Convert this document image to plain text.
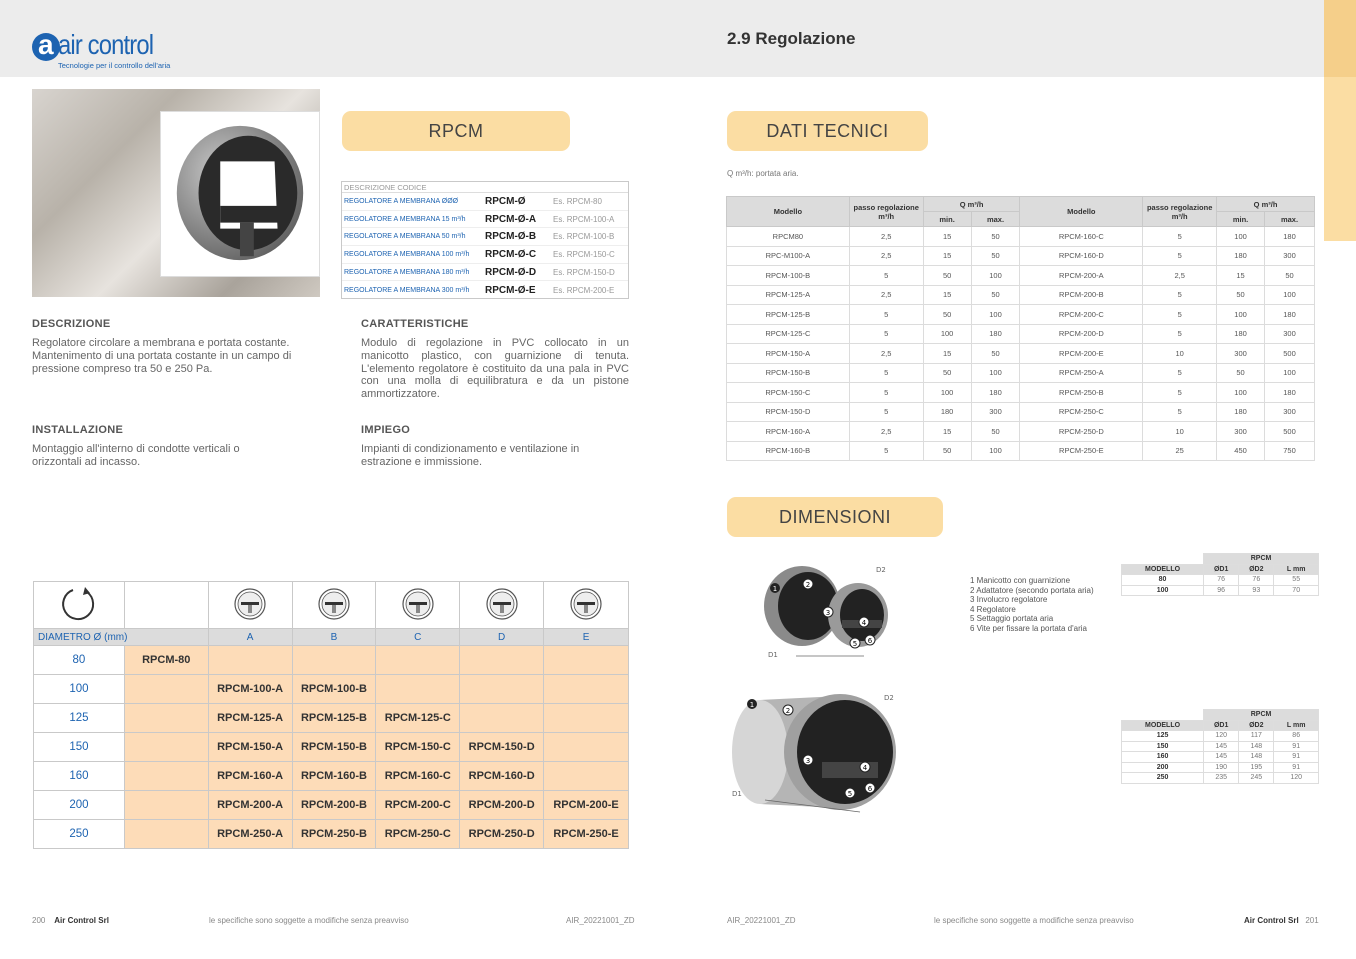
a air control
Tecnologie per il controllo dell'aria
2.9 Regolazione
RPCM
DESCRIZIONE CODICE
REGOLATORE A MEMBRANA ØØØ	RPCM-Ø	Es. RPCM-80
REGOLATORE A MEMBRANA 15 m³/h	RPCM-Ø-A	Es. RPCM-100-A
REGOLATORE A MEMBRANA 50 m³/h	RPCM-Ø-B	Es. RPCM-100-B
REGOLATORE A MEMBRANA 100 m³/h	RPCM-Ø-C	Es. RPCM-150-C
REGOLATORE A MEMBRANA 180 m³/h	RPCM-Ø-D	Es. RPCM-150-D
REGOLATORE A MEMBRANA 300 m³/h	RPCM-Ø-E	Es. RPCM-200-E
DESCRIZIONE
Regolatore circolare a membrana e portata costante. Mantenimento di una portata costante in un campo di pressione compreso tra 50 e 250 Pa.
CARATTERISTICHE
Modulo di regolazione in PVC collocato in un manicotto plastico, con guarnizione di tenuta. L'elemento regolatore è costituito da una pala in PVC con una molla di equilibratura e da un pistone ammortizzatore.
INSTALLAZIONE
Montaggio all'interno di condotte verticali o orizzontali ad incasso.
IMPIEGO
Impianti di condizionamento e ventilazione in estrazione e immissione.

DIAMETRO Ø (mm)		A	B	C	D	E
80	RPCM-80					
100		RPCM-100-A	RPCM-100-B			
125		RPCM-125-A	RPCM-125-B	RPCM-125-C		
150		RPCM-150-A	RPCM-150-B	RPCM-150-C	RPCM-150-D	
160		RPCM-160-A	RPCM-160-B	RPCM-160-C	RPCM-160-D	
200		RPCM-200-A	RPCM-200-B	RPCM-200-C	RPCM-200-D	RPCM-200-E
250		RPCM-250-A	RPCM-250-B	RPCM-250-C	RPCM-250-D	RPCM-250-E
DATI TECNICI
Q m³/h: portata aria.
Modello	passo regolazione m³/h	Q m³/h		Modello	passo regolazione m³/h	Q m³/h	
		min.	max.			min.	max.
RPCM80	2,5	15	50	RPCM-160-C	5	100	180
RPC-M100-A	2,5	15	50	RPCM-160-D	5	180	300
RPCM-100-B	5	50	100	RPCM-200-A	2,5	15	50
RPCM-125-A	2,5	15	50	RPCM-200-B	5	50	100
RPCM-125-B	5	50	100	RPCM-200-C	5	100	180
RPCM-125-C	5	100	180	RPCM-200-D	5	180	300
RPCM-150-A	2,5	15	50	RPCM-200-E	10	300	500
RPCM-150-B	5	50	100	RPCM-250-A	5	50	100
RPCM-150-C	5	100	180	RPCM-250-B	5	100	180
RPCM-150-D	5	180	300	RPCM-250-C	5	180	300
RPCM-160-A	2,5	15	50	RPCM-250-D	10	300	500
RPCM-160-B	5	50	100	RPCM-250-E	25	450	750
DIMENSIONI
1	2
3
4
5 6
D1
D2
1
2
3
4
5
6
D1
D2
1 Manicotto con guarnizione
2 Adattatore (secondo portata aria)
3 Involucro regolatore
4 Regolatore
5 Settaggio portata aria
6 Vite per fissare la portata d'aria
	RPCM		
MODELLO	ØD1	ØD2	L mm
80	76	76	55
100	96	93	70
	RPCM		
MODELLO	ØD1	ØD2	L mm
125	120	117	86
150	145	148	91
160	145	148	91
200	190	195	91
250	235	245	120
200 Air Control Srl	le specifiche sono soggette a modifiche senza preavviso	AIR_20221001_ZD	AIR_20221001_ZD	le specifiche sono soggette a modifiche senza preavviso	Air Control Srl 201
